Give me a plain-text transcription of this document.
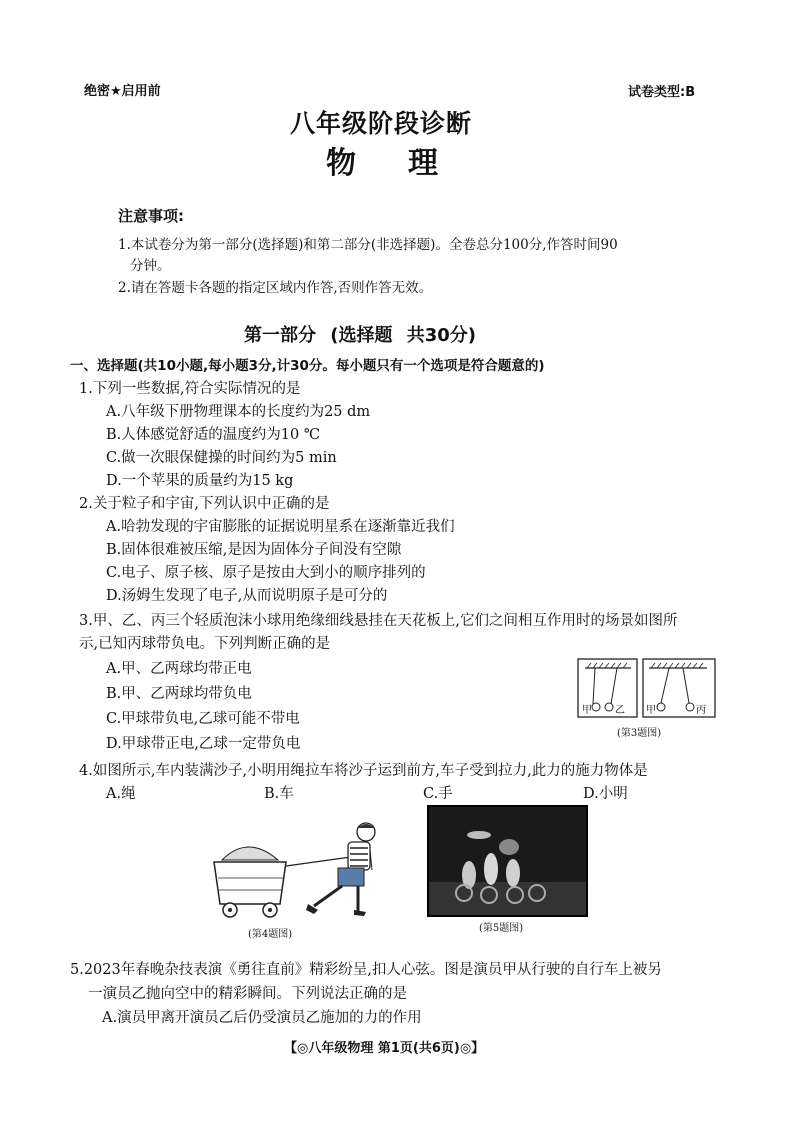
绝密★启用前	试卷类型:B
八年级阶段诊断
物理
注意事项:
1.本试卷分为第一部分(选择题)和第二部分(非选择题)。全卷总分100分,作答时间90
分钟。
2.请在答题卡各题的指定区域内作答,否则作答无效。
第一部分 (选择题 共30分)
一、选择题(共10小题,每小题3分,计30分。每小题只有一个选项是符合题意的)
1.下列一些数据,符合实际情况的是
A.八年级下册物理课本的长度约为25 dm
B.人体感觉舒适的温度约为10 ℃
C.做一次眼保健操的时间约为5 min
D.一个苹果的质量约为15 kg
2.关于粒子和宇宙,下列认识中正确的是
A.哈勃发现的宇宙膨胀的证据说明星系在逐渐靠近我们
B.固体很难被压缩,是因为固体分子间没有空隙
C.电子、原子核、原子是按由大到小的顺序排列的
D.汤姆生发现了电子,从而说明原子是可分的
3.甲、乙、丙三个轻质泡沫小球用绝缘细线悬挂在天花板上,它们之间相互作用时的场景如图所
示,已知丙球带负电。下列判断正确的是
A.甲、乙两球均带正电
B.甲、乙两球均带负电
C.甲球带负电,乙球可能不带电
D.甲球带正电,乙球一定带负电
甲 乙 甲	丙
(第3题图)
4.如图所示,车内装满沙子,小明用绳拉车将沙子运到前方,车子受到拉力,此力的施力物体是
A.绳	B.车	C.手	D.小明
(第4题图)
(第5题图)
5.2023年春晚杂技表演《勇往直前》精彩纷呈,扣人心弦。图是演员甲从行驶的自行车上被另
一演员乙抛向空中的精彩瞬间。下列说法正确的是
A.演员甲离开演员乙后仍受演员乙施加的力的作用
【◎八年级物理 第1页(共6页)◎】
